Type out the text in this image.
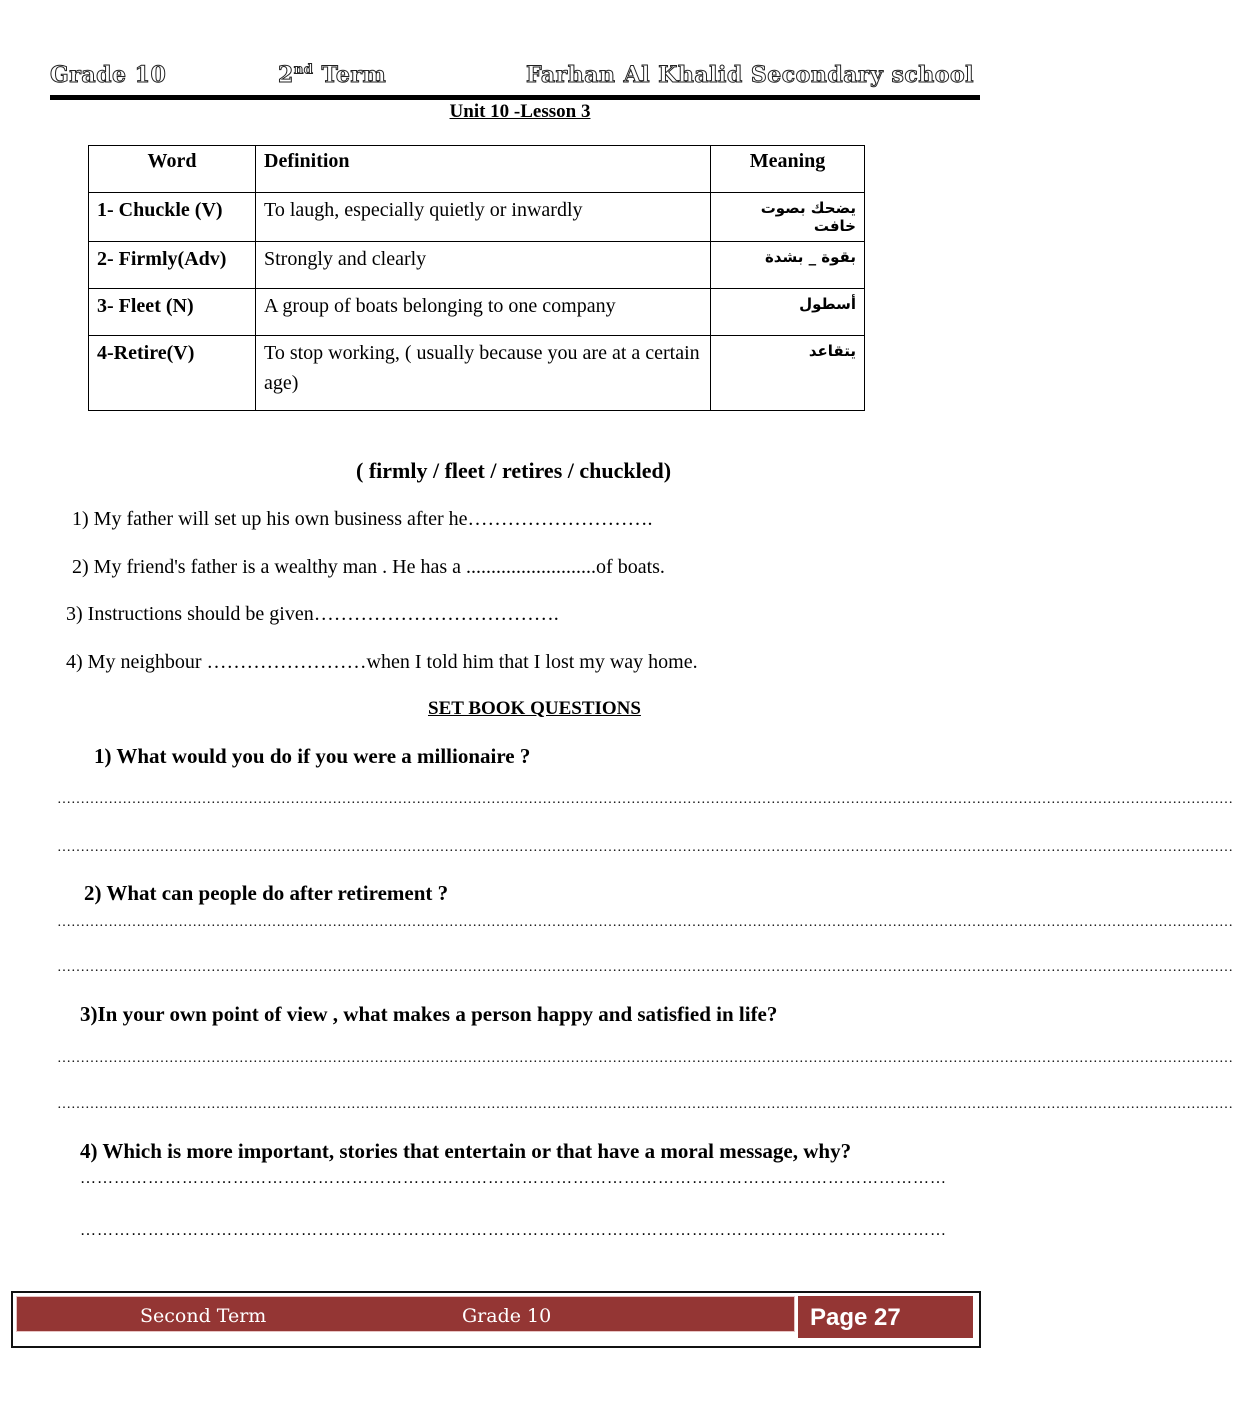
Grade 10	2nd Term	Farhan Al Khalid Secondary school
Unit 10 -Lesson 3
Word	Definition	Meaning
1- Chuckle (V)	To laugh, especially quietly or inwardly	يضحك بصوت خافت
2- Firmly(Adv)	Strongly and clearly	بقوة _ بشدة
3- Fleet (N)	A group of boats belonging to one company	أسطول
4-Retire(V)	To stop working, ( usually because you are at a certain age)	يتقاعد
( firmly / fleet / retires / chuckled)
1) My father will set up his own business after he……………………….
2) My friend's father is a wealthy man . He has a ..........................of boats.
3) Instructions should be given……………………………….
4) My neighbour ……………………when I told him that I lost my way home.
SET BOOK QUESTIONS
1) What would you do if you were a millionaire ?
………………………………………………………………………………………………………………………………………………………………………………………………………………………………
………………………………………………………………………………………………………………………………………………………………………………………………………………………………
2) What can people do after retirement ?
………………………………………………………………………………………………………………………………………………………………………………………………………………………………
………………………………………………………………………………………………………………………………………………………………………………………………………………………………
3)In your own point of view , what makes a person happy and satisfied in life?
………………………………………………………………………………………………………………………………………………………………………………………………………………………………
………………………………………………………………………………………………………………………………………………………………………………………………………………………………
4) Which is more important, stories that entertain or that have a moral message, why?
………………………………………………………………………………………………………………………………………
………………………………………………………………………………………………………………………………………
Second Term	Grade 10	Page 27
